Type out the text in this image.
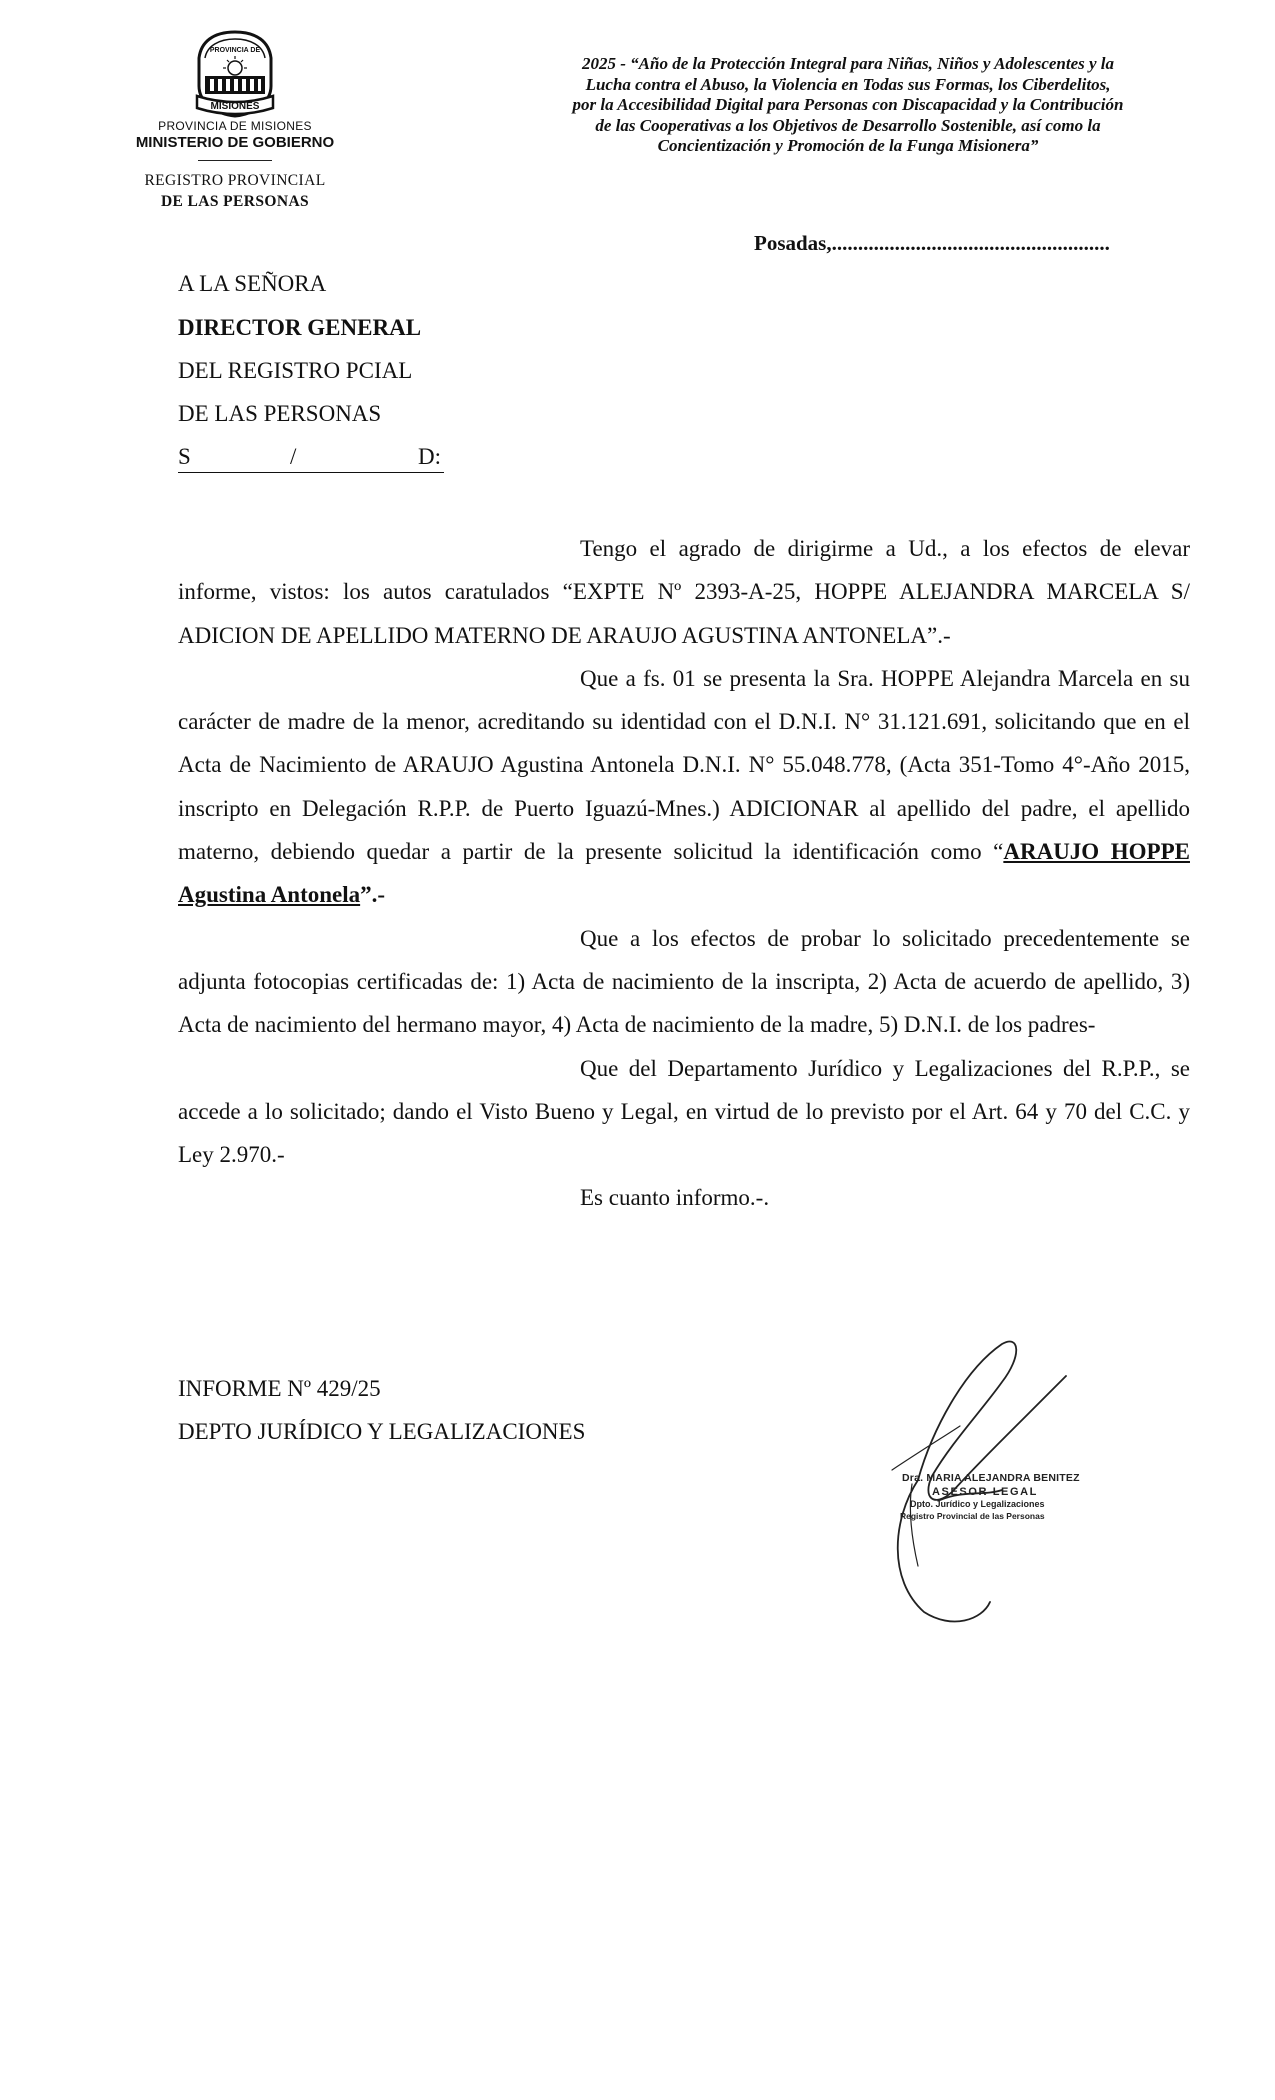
PROVINCIA DE
MISIONES
PROVINCIA DE MISIONES
MINISTERIO DE GOBIERNO
REGISTRO PROVINCIAL
DE LAS PERSONAS
2025 - “Año de la Protección Integral para Niñas, Niños y Adolescentes y la
Lucha contra el Abuso, la Violencia en Todas sus Formas, los Ciberdelitos,
por la Accesibilidad Digital para Personas con Discapacidad y la Contribución
de las Cooperativas a los Objetivos de Desarrollo Sostenible, así como la
Concientización y Promoción de la Funga Misionera”
Posadas,.....................................................
A LA SEÑORA
DIRECTOR GENERAL
DEL REGISTRO PCIAL
DE LAS PERSONAS
S	/	D:

Tengo el agrado de dirigirme a Ud., a los efectos de elevar informe, vistos: los autos caratulados “EXPTE Nº 2393-A-25, HOPPE ALEJANDRA MARCELA S/ ADICION DE APELLIDO MATERNO DE ARAUJO AGUSTINA ANTONELA”.-

Que a fs. 01 se presenta la Sra. HOPPE Alejandra Marcela en su carácter de madre de la menor, acreditando su identidad con el D.N.I. N° 31.121.691, solicitando que en el Acta de Nacimiento de ARAUJO Agustina Antonela D.N.I. N° 55.048.778, (Acta 351-Tomo 4°-Año 2015, inscripto en Delegación R.P.P. de Puerto Iguazú-Mnes.) ADICIONAR al apellido del padre, el apellido materno, debiendo quedar a partir de la presente solicitud la identificación como “ARAUJO HOPPE Agustina Antonela”.-

Que a los efectos de probar lo solicitado precedentemente se adjunta fotocopias certificadas de: 1) Acta de nacimiento de la inscripta, 2) Acta de acuerdo de apellido, 3) Acta de nacimiento del hermano mayor, 4) Acta de nacimiento de la madre, 5) D.N.I. de los padres-

Que del Departamento Jurídico y Legalizaciones del R.P.P., se accede a lo solicitado; dando el Visto Bueno y Legal, en virtud de lo previsto por el Art. 64 y 70 del C.C. y Ley 2.970.-

Es cuanto informo.-.

INFORME Nº 429/25
DEPTO JURÍDICO Y LEGALIZACIONES
Dra. MARIA ALEJANDRA BENITEZ
ASESOR LEGAL
Dpto. Jurídico y Legalizaciones
Registro Provincial de las Personas
